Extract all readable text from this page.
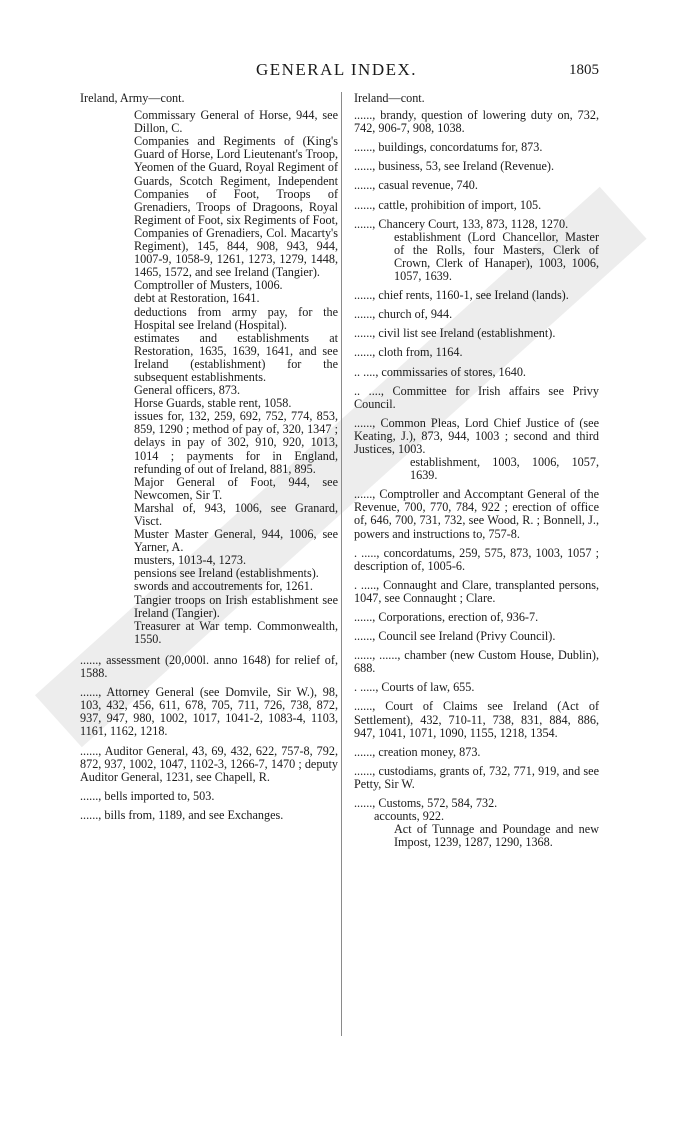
GENERAL INDEX.	1805
Ireland, Army—cont.
Commissary General of Horse, 944, see Dillon, C.
Companies and Regiments of (King's Guard of Horse, Lord Lieutenant's Troop, Yeomen of the Guard, Royal Regiment of Guards, Scotch Regiment, Independent Companies of Foot, Troops of Grenadiers, Troops of Dragoons, Royal Regiment of Foot, six Regiments of Foot, Companies of Grenadiers, Col. Macarty's Regiment), 145, 844, 908, 943, 944, 1007-9, 1058-9, 1261, 1273, 1279, 1448, 1465, 1572, and see Ireland (Tangier).
Comptroller of Musters, 1006.
debt at Restoration, 1641.
deductions from army pay, for the Hospital see Ireland (Hospital).
estimates and establishments at Restoration, 1635, 1639, 1641, and see Ireland (establishment) for the subsequent establishments.
General officers, 873.
Horse Guards, stable rent, 1058.
issues for, 132, 259, 692, 752, 774, 853, 859, 1290 ; method of pay of, 320, 1347 ; delays in pay of 302, 910, 920, 1013, 1014 ; payments for in England, refunding of out of Ireland, 881, 895.
Major General of Foot, 944, see Newcomen, Sir T.
Marshal of, 943, 1006, see Granard, Visct.
Muster Master General, 944, 1006, see Yarner, A.
musters, 1013-4, 1273.
pensions see Ireland (establishments).
swords and accoutrements for, 1261.
Tangier troops on Irish establishment see Ireland (Tangier).
Treasurer at War temp. Commonwealth, 1550.
......, assessment (20,000l. anno 1648) for relief of, 1588.
......, Attorney General (see Domvile, Sir W.), 98, 103, 432, 456, 611, 678, 705, 711, 726, 738, 872, 937, 947, 980, 1002, 1017, 1041-2, 1083-4, 1103, 1161, 1162, 1218.
......, Auditor General, 43, 69, 432, 622, 757-8, 792, 872, 937, 1002, 1047, 1102-3, 1266-7, 1470 ; deputy Auditor General, 1231, see Chapell, R.
......, bells imported to, 503.
......, bills from, 1189, and see Exchanges.
Ireland—cont.
......, brandy, question of lowering duty on, 732, 742, 906-7, 908, 1038.
......, buildings, concordatums for, 873.
......, business, 53, see Ireland (Revenue).
......, casual revenue, 740.
......, cattle, prohibition of import, 105.
......, Chancery Court, 133, 873, 1128, 1270.
establishment (Lord Chancellor, Master of the Rolls, four Masters, Clerk of Crown, Clerk of Hanaper), 1003, 1006, 1057, 1639.
......, chief rents, 1160-1, see Ireland (lands).
......, church of, 944.
......, civil list see Ireland (establishment).
......, cloth from, 1164.
.. ...., commissaries of stores, 1640.
.. ...., Committee for Irish affairs see Privy Council.
......, Common Pleas, Lord Chief Justice of (see Keating, J.), 873, 944, 1003 ; second and third Justices, 1003.
establishment, 1003, 1006, 1057, 1639.
......, Comptroller and Accomptant General of the Revenue, 700, 770, 784, 922 ; erection of office of, 646, 700, 731, 732, see Wood, R. ; Bonnell, J., powers and instructions to, 757-8.
. ....., concordatums, 259, 575, 873, 1003, 1057 ; description of, 1005-6.
. ....., Connaught and Clare, transplanted persons, 1047, see Connaught ; Clare.
......, Corporations, erection of, 936-7.
......, Council see Ireland (Privy Council).
......, ......, chamber (new Custom House, Dublin), 688.
. ....., Courts of law, 655.
......, Court of Claims see Ireland (Act of Settlement), 432, 710-11, 738, 831, 884, 886, 947, 1041, 1071, 1090, 1155, 1218, 1354.
......, creation money, 873.
......, custodiams, grants of, 732, 771, 919, and see Petty, Sir W.
......, Customs, 572, 584, 732.
accounts, 922.
Act of Tunnage and Poundage and new Impost, 1239, 1287, 1290, 1368.
